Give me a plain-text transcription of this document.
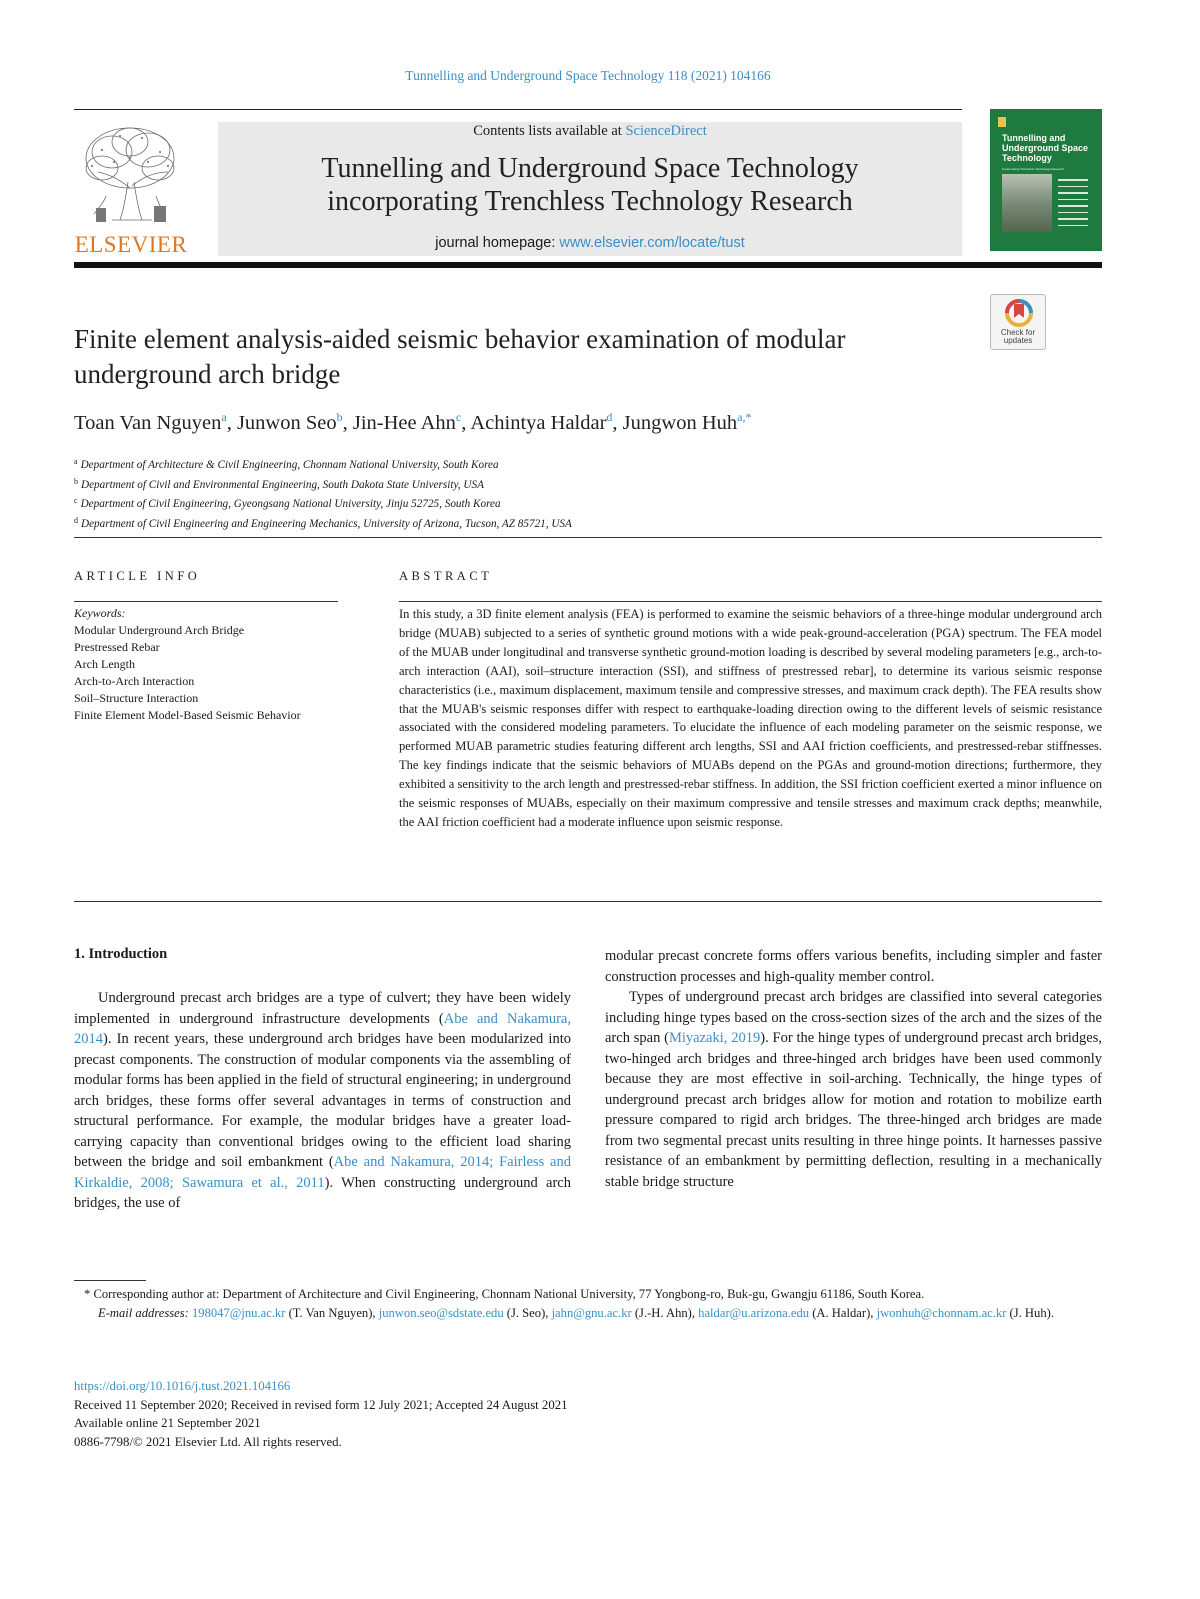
Tunnelling and Underground Space Technology 118 (2021) 104166
ELSEVIER
Contents lists available at ScienceDirect
Tunnelling and Underground Space Technology
incorporating Trenchless Technology Research
journal homepage: www.elsevier.com/locate/tust
Tunnelling and Underground Space Technology
incorporating Trenchless Technology Research
Check for updates
Finite element analysis-aided seismic behavior examination of modular underground arch bridge
Toan Van Nguyen$^a$, Junwon Seo$^b$, Jin-Hee Ahn$^c$, Achintya Haldar$^d$, Jungwon Huh$^{a,*}$
$^a$ Department of Architecture & Civil Engineering, Chonnam National University, South Korea
$^b$ Department of Civil and Environmental Engineering, South Dakota State University, USA
$^c$ Department of Civil Engineering, Gyeongsang National University, Jinju 52725, South Korea
$^d$ Department of Civil Engineering and Engineering Mechanics, University of Arizona, Tucson, AZ 85721, USA
ARTICLE INFO	ABSTRACT
Keywords:
Modular Underground Arch Bridge
Prestressed Rebar
Arch Length
Arch-to-Arch Interaction
Soil–Structure Interaction
Finite Element Model-Based Seismic Behavior
In this study, a 3D finite element analysis (FEA) is performed to examine the seismic behaviors of a three-hinge modular underground arch bridge (MUAB) subjected to a series of synthetic ground motions with a wide peak-ground-acceleration (PGA) spectrum. The FEA model of the MUAB under longitudinal and transverse synthetic ground-motion loading is described by several modeling parameters [e.g., arch-to-arch interaction (AAI), soil–structure interaction (SSI), and stiffness of prestressed rebar], to determine its various seismic response characteristics (i.e., maximum displacement, maximum tensile and compressive stresses, and maximum crack depth). The FEA results show that the MUAB's seismic responses differ with respect to earthquake-loading direction owing to the different levels of seismic resistance associated with the considered modeling parameters. To elucidate the influence of each modeling parameter on the seismic response, we performed MUAB parametric studies featuring different arch lengths, SSI and AAI friction coefficients, and prestressed-rebar stiffnesses. The key findings indicate that the seismic behaviors of MUABs depend on the PGAs and ground-motion directions; furthermore, they exhibited a sensitivity to the arch length and prestressed-rebar stiffness. In addition, the SSI friction coefficient exerted a minor influence on the seismic responses of MUABs, especially on their maximum compressive and tensile stresses and maximum crack depths; meanwhile, the AAI friction coefficient had a moderate influence upon seismic response.
1. Introduction

Underground precast arch bridges are a type of culvert; they have been widely implemented in underground infrastructure developments (Abe and Nakamura, 2014). In recent years, these underground arch bridges have been modularized into precast components. The construction of modular components via the assembling of modular forms has been applied in the field of structural engineering; in underground arch bridges, these forms offer several advantages in terms of construction and structural performance. For example, the modular bridges have a greater load-carrying capacity than conventional bridges owing to the efficient load sharing between the bridge and soil embankment (Abe and Nakamura, 2014; Fairless and Kirkaldie, 2008; Sawamura et al., 2011). When constructing underground arch bridges, the use of

modular precast concrete forms offers various benefits, including simpler and faster construction processes and high-quality member control.

Types of underground precast arch bridges are classified into several categories including hinge types based on the cross-section sizes of the arch and the sizes of the arch span (Miyazaki, 2019). For the hinge types of underground precast arch bridges, two-hinged arch bridges and three-hinged arch bridges have been used commonly because they are most effective in soil-arching. Technically, the hinge types of underground precast arch bridges allow for motion and rotation to mobilize earth pressure compared to rigid arch bridges. The three-hinged arch bridges are made from two segmental precast units resulting in three hinge points. It harnesses passive resistance of an embankment by permitting deflection, resulting in a mechanically stable bridge structure

* Corresponding author at: Department of Architecture and Civil Engineering, Chonnam National University, 77 Yongbong-ro, Buk-gu, Gwangju 61186, South Korea.
E-mail addresses: 198047@jnu.ac.kr (T. Van Nguyen), junwon.seo@sdstate.edu (J. Seo), jahn@gnu.ac.kr (J.-H. Ahn), haldar@u.arizona.edu (A. Haldar), jwonhuh@chonnam.ac.kr (J. Huh).
https://doi.org/10.1016/j.tust.2021.104166
Received 11 September 2020; Received in revised form 12 July 2021; Accepted 24 August 2021
Available online 21 September 2021
0886-7798/© 2021 Elsevier Ltd. All rights reserved.
